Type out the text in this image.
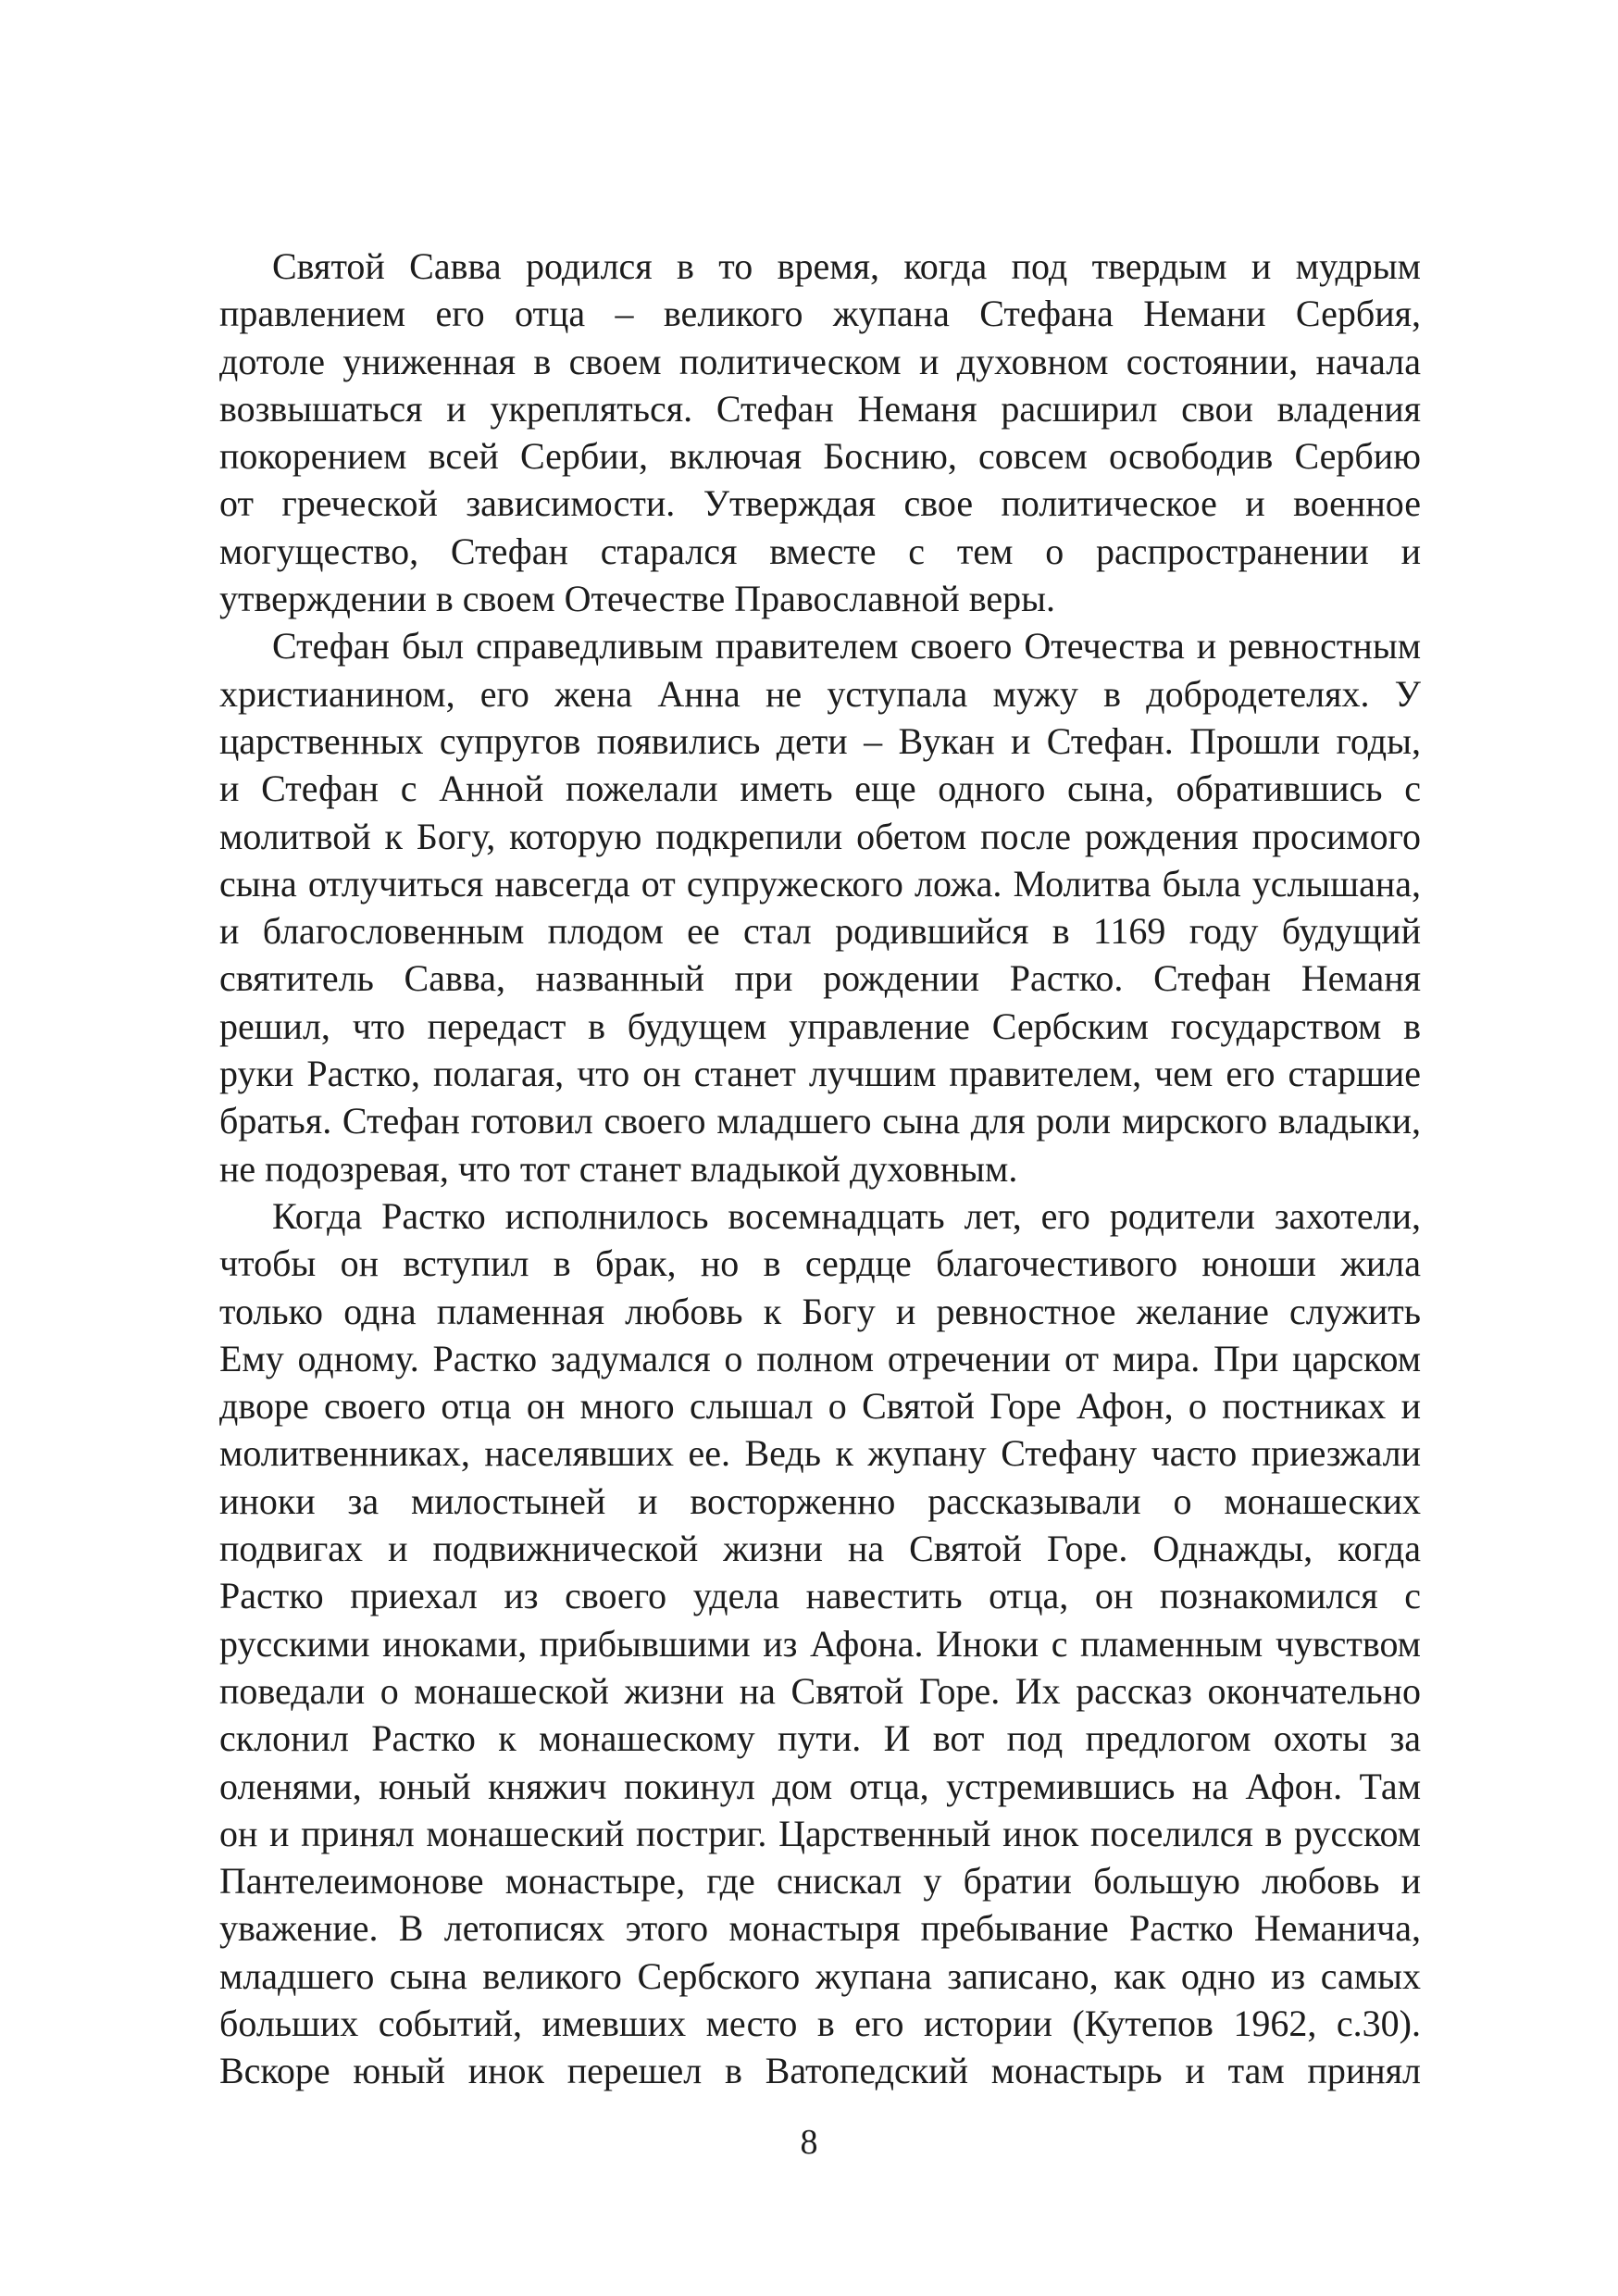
Святой Савва родился в то время, когда под твердым и мудрым
правлением его отца – великого жупана Стефана Немани Сербия,
дотоле униженная в своем политическом и духовном состоянии, начала
возвышаться и укрепляться. Стефан Неманя расширил свои владения
покорением всей Сербии, включая Боснию, совсем освободив Сербию
от греческой зависимости. Утверждая свое политическое и военное
могущество, Стефан старался вместе с тем о распространении и
утверждении в своем Отечестве Православной веры.
Стефан был справедливым правителем своего Отечества и ревностным
христианином, его жена Анна не уступала мужу в добродетелях. У
царственных супругов появились дети – Вукан и Стефан. Прошли годы,
и Стефан с Анной пожелали иметь еще одного сына, обратившись с
молитвой к Богу, которую подкрепили обетом после рождения просимого
сына отлучиться навсегда от супружеского ложа. Молитва была услышана,
и благословенным плодом ее стал родившийся в 1169 году будущий
святитель Савва, названный при рождении Растко. Стефан Неманя
решил, что передаст в будущем управление Сербским государством в
руки Растко, полагая, что он станет лучшим правителем, чем его старшие
братья. Стефан готовил своего младшего сына для роли мирского владыки,
не подозревая, что тот станет владыкой духовным.
Когда Растко исполнилось восемнадцать лет, его родители захотели,
чтобы он вступил в брак, но в сердце благочестивого юноши жила
только одна пламенная любовь к Богу и ревностное желание служить
Ему одному. Растко задумался о полном отречении от мира. При царском
дворе своего отца он много слышал о Святой Горе Афон, о постниках и
молитвенниках, населявших ее. Ведь к жупану Стефану часто приезжали
иноки за милостыней и восторженно рассказывали о монашеских
подвигах и подвижнической жизни на Святой Горе. Однажды, когда
Растко приехал из своего удела навестить отца, он познакомился с
русскими иноками, прибывшими из Афона. Иноки с пламенным чувством
поведали о монашеской жизни на Святой Горе. Их рассказ окончательно
склонил Растко к монашескому пути. И вот под предлогом охоты за
оленями, юный княжич покинул дом отца, устремившись на Афон. Там
он и принял монашеский постриг. Царственный инок поселился в русском
Пантелеимонове монастыре, где снискал у братии большую любовь и
уважение. В летописях этого монастыря пребывание Растко Неманича,
младшего сына великого Сербского жупана записано, как одно из самых
больших событий, имевших место в его истории (Кутепов 1962, с.30).
Вскоре юный инок перешел в Ватопедский монастырь и там принял
8
